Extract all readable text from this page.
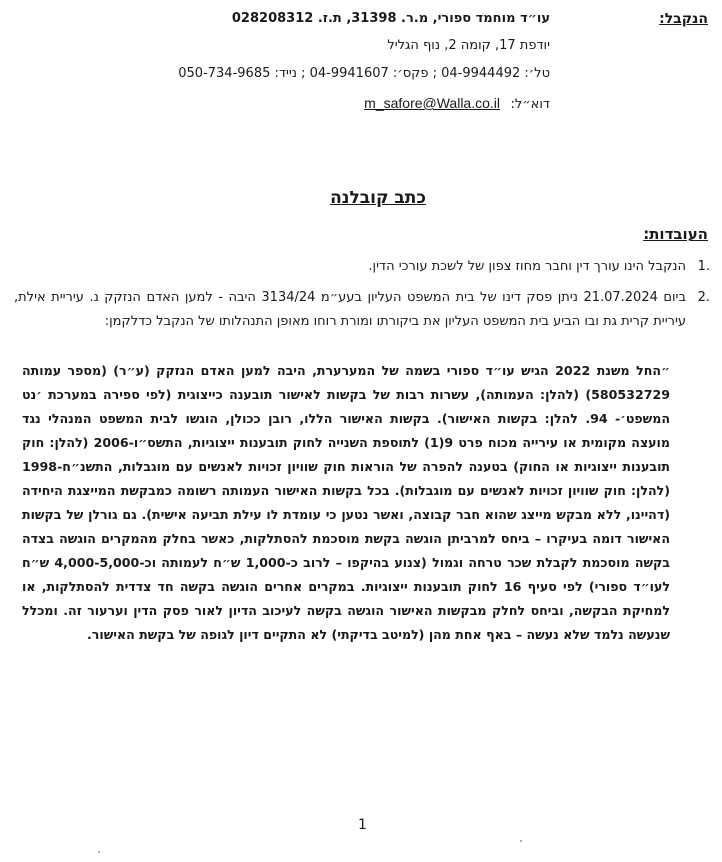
הנקבל:
עו״ד מוחמד ספורי, מ.ר. 31398, ת.ז. 028208312
יודפת 17, קומה 2, נוף הגליל
טל׳: 04-9944492 ; פקס׳: 04-9941607 ; נייד: 050-734-9685
דוא״ל:
m_safore@Walla.co.il
כתב קובלנה
העובדות:
.1
הנקבל הינו עורך דין וחבר מחוז צפון של לשכת עורכי הדין.
.2
ביום 21.07.2024 ניתן פסק דינו של בית המשפט העליון בעע״מ 3134/24 היבה - למען האדם הנזקק נ. עיריית אילת, עיריית קרית גת ובו הביע בית המשפט העליון את ביקורתו ומורת רוחו מאופן התנהלותו של הנקבל כדלקמן:
״החל משנת 2022 הגיש עו״ד ספורי בשמה של המערערת, היבה למען האדם הנזקק (ע״ר) (מספר עמותה 580532729) (להלן: העמותה), עשרות רבות של בקשות לאישור תובענה כייצוגית (לפי ספירה במערכת ׳נט המשפט׳- 94. להלן: בקשות האישור). בקשות האישור הללו, רובן ככולן, הוגשו לבית המשפט המנהלי נגד מועצה מקומית או עירייה מכוח פרט 9(1) לתוספת השנייה לחוק תובענות ייצוגיות, התשס״ו-2006 (להלן: חוק תובענות ייצוגיות או החוק) בטענה להפרה של הוראות חוק שוויון זכויות לאנשים עם מוגבלות, התשנ״ח-1998 (להלן: חוק שוויון זכויות לאנשים עם מוגבלות). בכל בקשות האישור העמותה רשומה כמבקשת המייצגת היחידה (דהיינו, ללא מבקש מייצג שהוא חבר קבוצה, ואשר נטען כי עומדת לו עילת תביעה אישית). גם גורלן של בקשות האישור דומה בעיקרו – ביחס למרביתן הוגשה בקשת מוסכמת להסתלקות, כאשר בחלק מהמקרים הוגשה בצדה בקשה מוסכמת לקבלת שכר טרחה וגמול (צנוע בהיקפו – לרוב כ-1,000 ש״ח לעמותה וכ-4,000-5,000 ש״ח לעו״ד ספורי) לפי סעיף 16 לחוק תובענות ייצוגיות. במקרים אחרים הוגשה בקשה חד צדדית להסתלקות, או למחיקת הבקשה, וביחס לחלק מבקשות האישור הוגשה בקשה לעיכוב הדיון לאור פסק הדין וערעור זה. ומכלל שנעשה נלמד שלא נעשה – באף אחת מהן (למיטב בדיקתי) לא התקיים דיון לגופה של בקשת האישור.
1
